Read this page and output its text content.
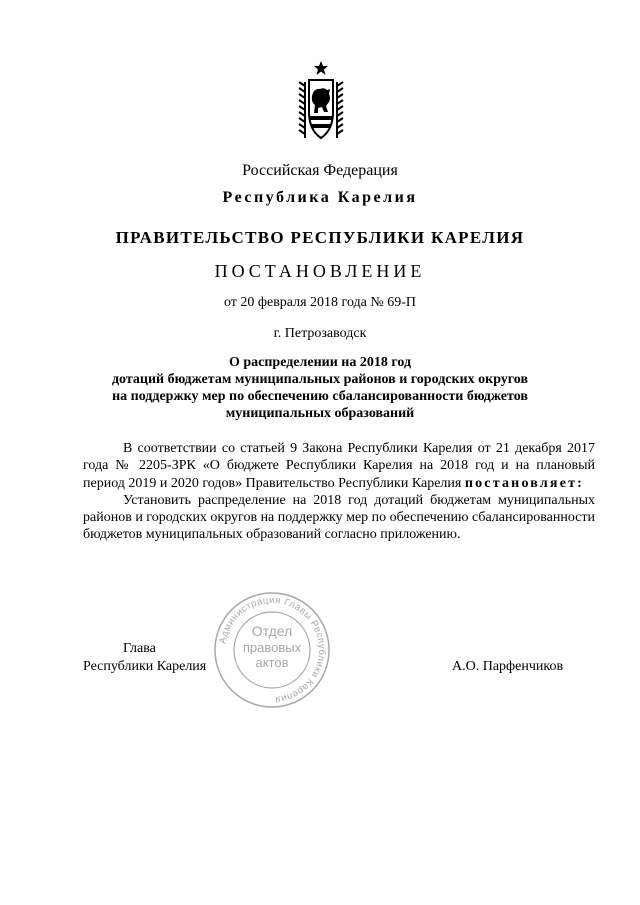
Российская Федерация
Республика Карелия
ПРАВИТЕЛЬСТВО РЕСПУБЛИКИ КАРЕЛИЯ
ПОСТАНОВЛЕНИЕ
от 20 февраля 2018 года № 69-П
г. Петрозаводск
О распределении на 2018 год
дотаций бюджетам муниципальных районов и городских округов
на поддержку мер по обеспечению сбалансированности бюджетов
муниципальных образований

В соответствии со статьей 9 Закона Республики Карелия от 21 декабря 2017 года № 2205-ЗРК «О бюджете Республики Карелия на 2018 год и на плановый период 2019 и 2020 годов» Правительство Республики Карелия постановляет:

Установить распределение на 2018 год дотаций бюджетам муниципальных районов и городских округов на поддержку мер по обеспечению сбалансированности бюджетов муниципальных образований согласно приложению.

Администрация Главы Республики Карелия
Отдел
правовых
актов
Глава
Республики Карелия	А.О. Парфенчиков
